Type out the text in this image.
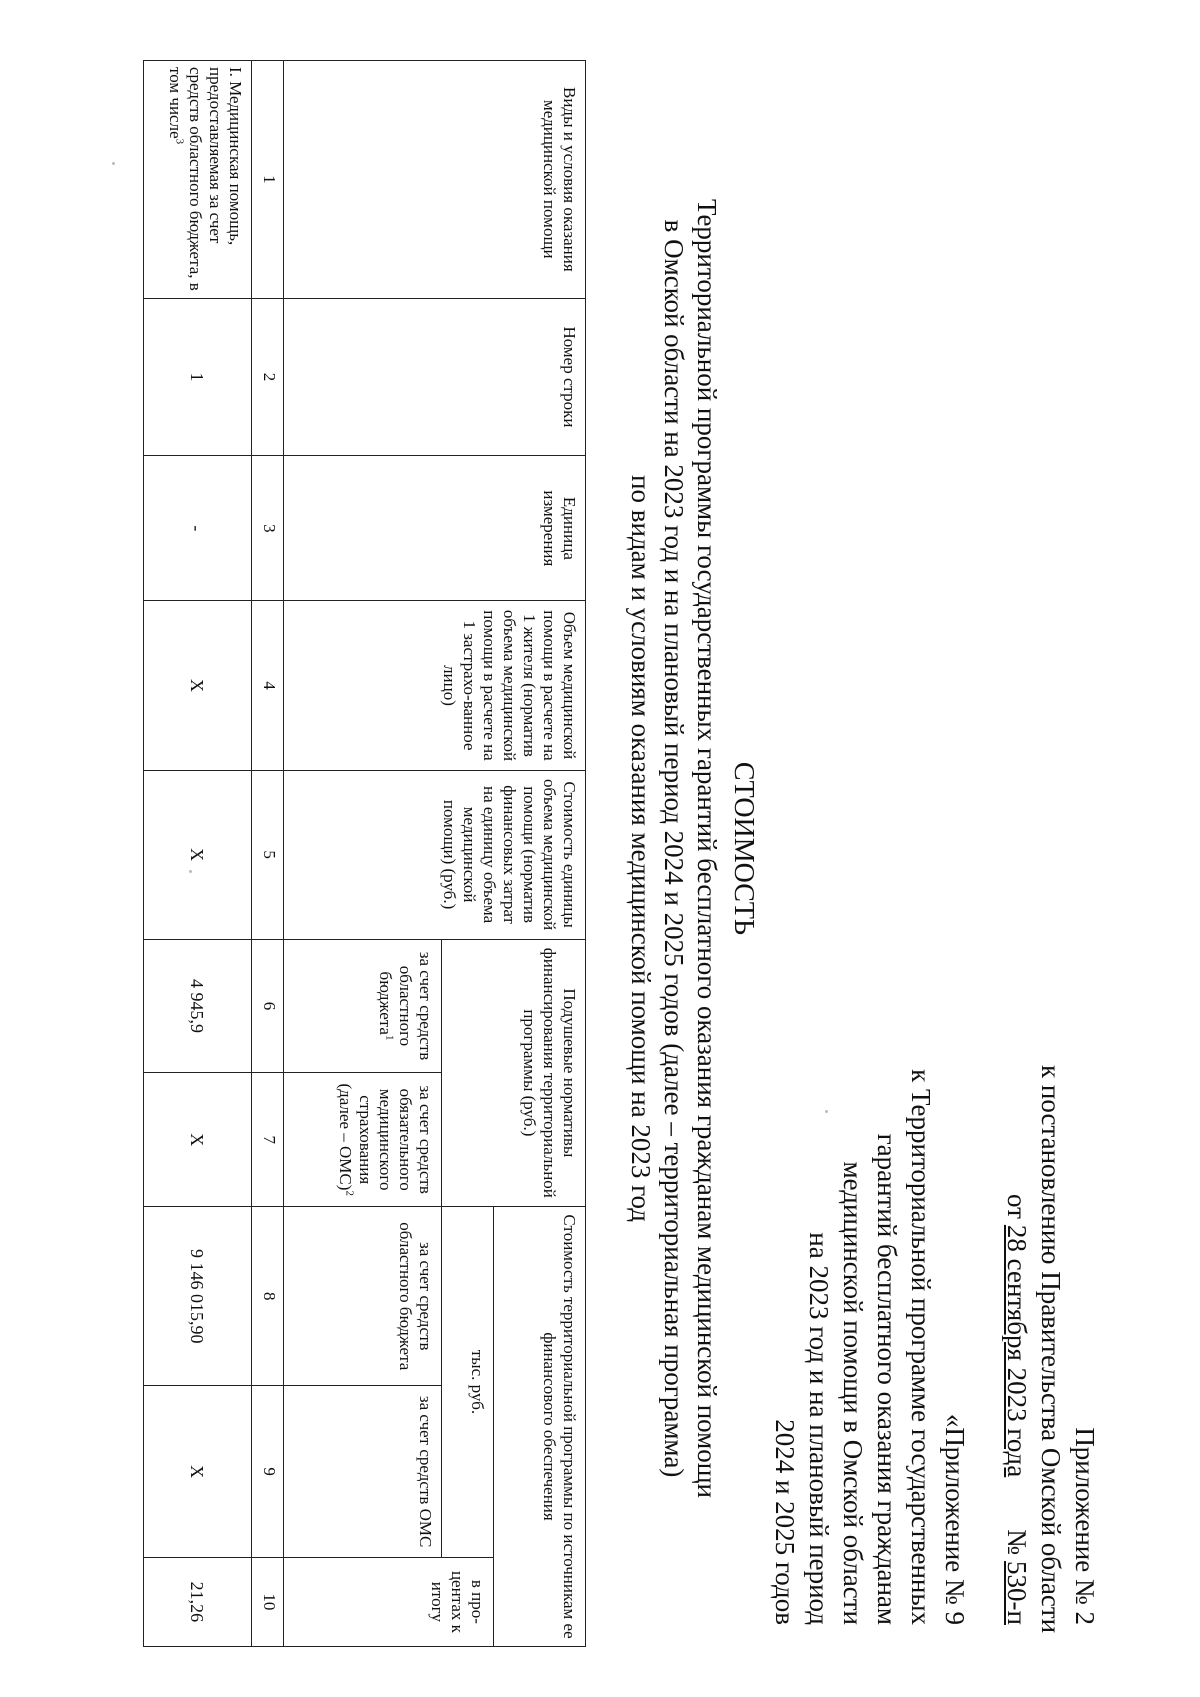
Приложение № 2
к постановлению Правительства Омской области
от
28 сентября 2023 года
№
530-п
«Приложение № 9
к Территориальной программе государственных
гарантий бесплатного оказания гражданам
медицинской помощи в Омской области
на 2023 год и на плановый период
2024 и 2025 годов
СТОИМОСТЬ
Территориальной программы государственных гарантий бесплатного оказания гражданам медицинской помощи
в Омской области на 2023 год и на плановый период 2024 и 2025 годов (далее – территориальная программа)
по видам и условиям оказания медицинской помощи на 2023 год
Виды и условия оказания медицинской помощи	Номер строки	Единица измерения	Объем медицинской помощи в расчете на 1 жителя (норматив объема медицинской помощи в расчете на 1 застрахо-ванное лицо)	Стоимость единицы объема медицинской помощи (норматив финансовых затрат на единицу объема медицинской помощи) (руб.)	Подушевые нормативы финансирования территориальной программы (руб.)		Стоимость территориальной программы по источникам ее финансового обеспечения		
							тыс. руб.		в про-центах к итогу
					за счет средств областного бюджета$^1$	за счет средств обязательного медицинского страхования (далее – ОМС)$^2$	за счет средств областного бюджета	за счет средств ОМС	
1	2	3	4	5	6	7	8	9	10
I. Медицинская помощь, предоставляемая за счет средств областного бюджета, в том числе$^3$	1	-	Х	Х	4 945,9	Х	9 146 015,90	Х	21,26
